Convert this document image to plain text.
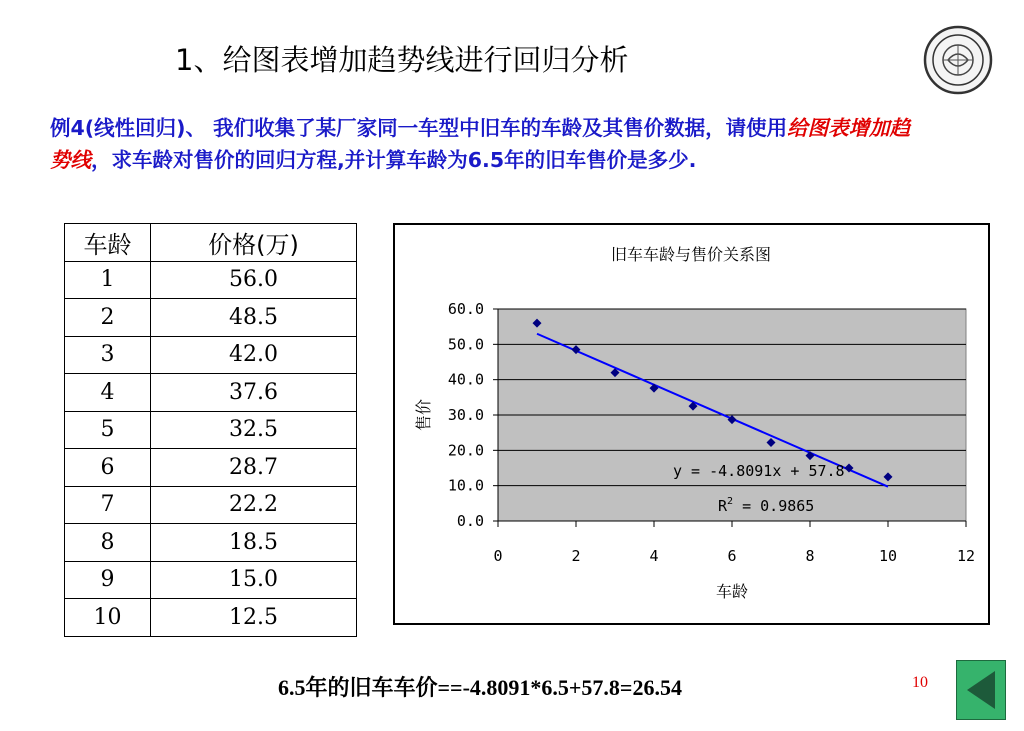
1、给图表增加趋势线进行回归分析
例4(线性回归)、 我们收集了某厂家同一车型中旧车的车龄及其售价数据，请使用给图表增加趋势线，求车龄对售价的回归方程,并计算车龄为6.5年的旧车售价是多少.
车龄	价格(万)
1	56.0
2	48.5
3	42.0
4	37.6
5	32.5
6	28.7
7	22.2
8	18.5
9	15.0
10	12.5
旧车车龄与售价关系图
0.0
10.0
20.0
30.0
40.0
50.0
60.0
0	2	4	6	8	10	12
车龄
售价
y = -4.8091x + 57.8
$R^2 = 0.9865$
6.5年的旧车车价==-4.8091*6.5+57.8=26.54	10
